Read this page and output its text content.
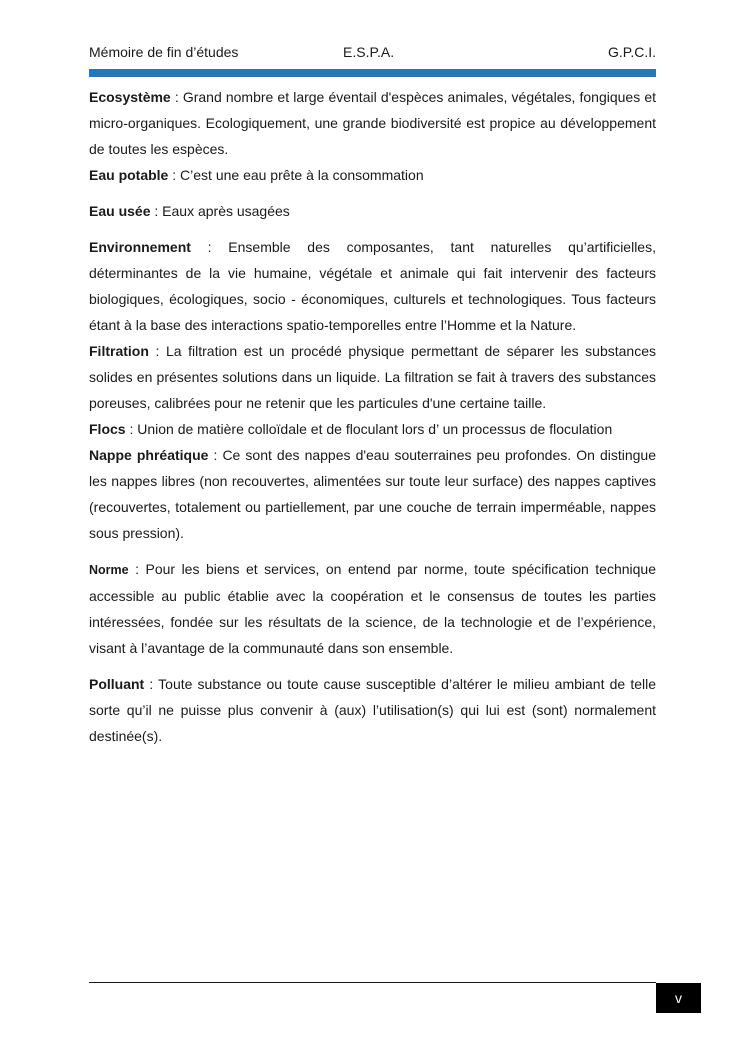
Mémoire de fin d’études	E.S.P.A.	G.P.C.I.

Ecosystème : Grand nombre et large éventail d'espèces animales, végétales, fongiques et micro-organiques. Ecologiquement, une grande biodiversité est propice au développement de toutes les espèces.

Eau potable : C’est une eau prête à la consommation

Eau usée : Eaux après usagées

Environnement : Ensemble des composantes, tant naturelles qu’artificielles, déterminantes de la vie humaine, végétale et animale qui fait intervenir des facteurs biologiques, écologiques, socio - économiques, culturels et technologiques. Tous facteurs étant à la base des interactions spatio-temporelles entre l’Homme et la Nature.

Filtration : La filtration est un procédé physique permettant de séparer les substances solides en présentes solutions dans un liquide. La filtration se fait à travers des substances poreuses, calibrées pour ne retenir que les particules d'une certaine taille.

Flocs : Union de matière colloïdale et de floculant lors d’ un processus de floculation

Nappe phréatique : Ce sont des nappes d'eau souterraines peu profondes. On distingue les nappes libres (non recouvertes, alimentées sur toute leur surface) des nappes captives (recouvertes, totalement ou partiellement, par une couche de terrain imperméable, nappes sous pression).

Norme : Pour les biens et services, on entend par norme, toute spécification technique accessible au public établie avec la coopération et le consensus de toutes les parties intéressées, fondée sur les résultats de la science, de la technologie et de l’expérience, visant à l’avantage de la communauté dans son ensemble.

Polluant : Toute substance ou toute cause susceptible d’altérer le milieu ambiant de telle sorte qu’il ne puisse plus convenir à (aux) l’utilisation(s) qui lui est (sont) normalement destinée(s).

v
